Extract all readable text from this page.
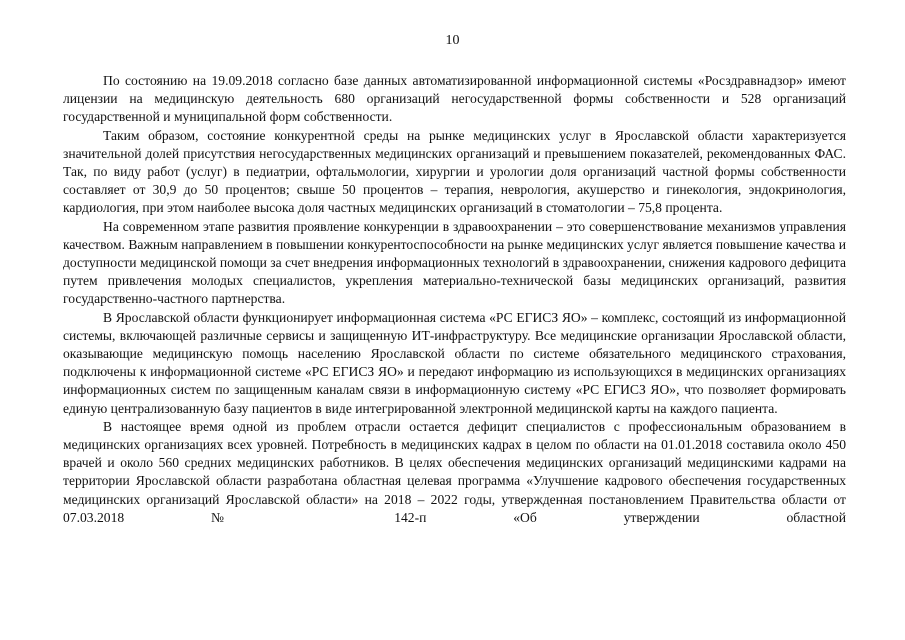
10

По состоянию на 19.09.2018 согласно базе данных автоматизированной информационной системы «Росздравнадзор» имеют лицензии на медицинскую деятельность 680 организаций негосударственной формы собственности и 528 организаций государственной и муниципальной форм собственности.

Таким образом, состояние конкурентной среды на рынке медицинских услуг в Ярославской области характеризуется значительной долей присутствия негосударственных медицинских организаций и превышением показателей, рекомендованных ФАС. Так, по виду работ (услуг) в педиатрии, офтальмологии, хирургии и урологии доля организаций частной формы собственности составляет от 30,9 до 50 процентов; свыше 50 процентов – терапия, неврология, акушерство и гинекология, эндокринология, кардиология, при этом наиболее высока доля частных медицинских организаций в стоматологии – 75,8 процента.

На современном этапе развития проявление конкуренции в здравоохранении – это совершенствование механизмов управления качеством. Важным направлением в повышении конкурентоспособности на рынке медицинских услуг является повышение качества и доступности медицинской помощи за счет внедрения информационных технологий в здравоохранении, снижения кадрового дефицита путем привлечения молодых специалистов, укрепления материально-технической базы медицинских организаций, развития государственно-частного партнерства.

В Ярославской области функционирует информационная система «РС ЕГИСЗ ЯО» – комплекс, состоящий из информационной системы, включающей различные сервисы и защищенную ИТ-инфраструктуру. Все медицинские организации Ярославской области, оказывающие медицинскую помощь населению Ярославской области по системе обязательного медицинского страхования, подключены к информационной системе «РС ЕГИСЗ ЯО» и передают информацию из использующихся в медицинских организациях информационных систем по защищенным каналам связи в информационную систему «РС ЕГИСЗ ЯО», что позволяет формировать единую централизованную базу пациентов в виде интегрированной электронной медицинской карты на каждого пациента.

В настоящее время одной из проблем отрасли остается дефицит специалистов с профессиональным образованием в медицинских организациях всех уровней. Потребность в медицинских кадрах в целом по области на 01.01.2018 составила около 450 врачей и около 560 средних медицинских работников. В целях обеспечения медицинских организаций медицинскими кадрами на территории Ярославской области разработана областная целевая программа «Улучшение кадрового обеспечения государственных медицинских организаций Ярославской области» на 2018 – 2022 годы, утвержденная постановлением Правительства области от 07.03.2018 № 142-п «Об утверждении областной
